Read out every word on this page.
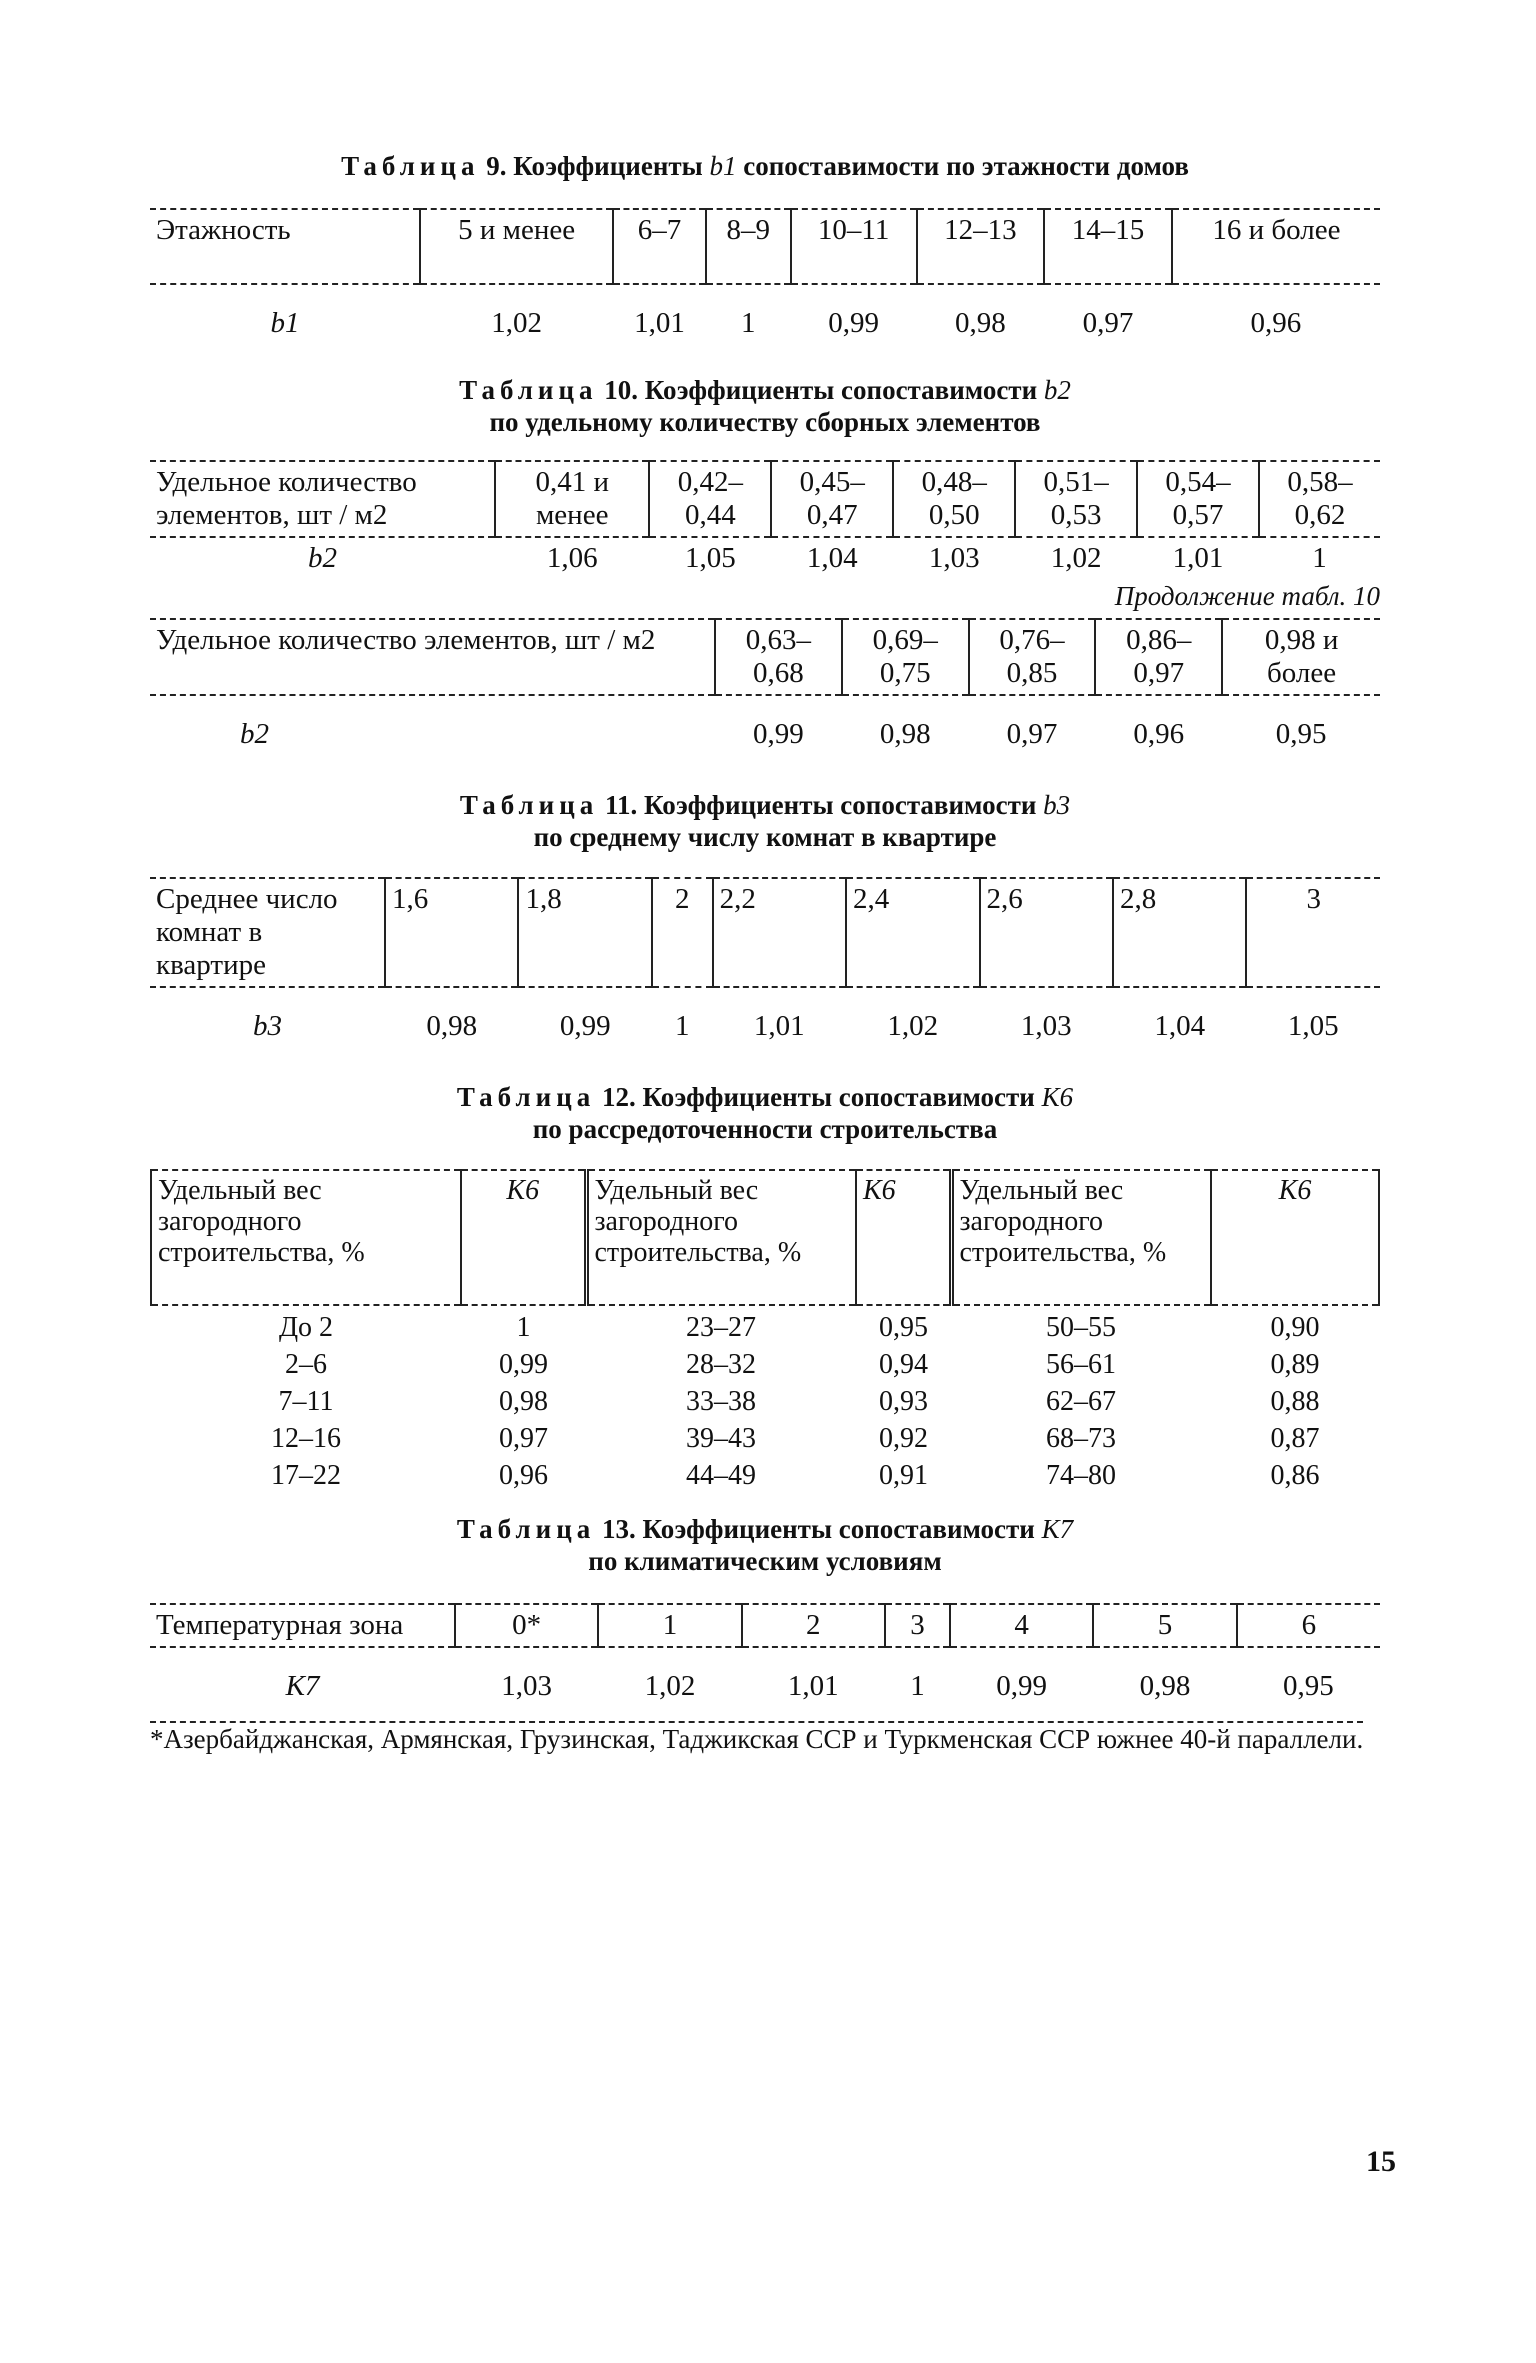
Таблица 9. Коэффициенты b1 сопоставимости по этажности домов

Этажность	5 и менее	6–7	8–9	10–11	12–13	14–15	16 и более
b1	1,02	1,01	1	0,99	0,98	0,97	0,96

Таблица 10. Коэффициенты сопоставимости b2
по удельному количеству сборных элементов

Удельное количество элементов, шт / м2	0,41 и менее	0,42–0,44	0,45–0,47	0,48–0,50	0,51–0,53	0,54–0,57	0,58–0,62
b2	1,06	1,05	1,04	1,03	1,02	1,01	1

Продолжение табл. 10

Удельное количество элементов, шт / м2	0,63–0,68	0,69–0,75	0,76–0,85	0,86–0,97	0,98 и более
b2	0,99	0,98	0,97	0,96	0,95

Таблица 11. Коэффициенты сопоставимости b3
по среднему числу комнат в квартире

Среднее число комнат в квартире	1,6	1,8	2	2,2	2,4	2,6	2,8	3
b3	0,98	0,99	1	1,01	1,02	1,03	1,04	1,05

Таблица 12. Коэффициенты сопоставимости K6
по рассредоточенности строительства

Удельный вес загородного строительства, %	K6	Удельный вес загородного строительства, %	K6	Удельный вес загородного строительства, %	K6
До 2	1	23–27	0,95	50–55	0,90
2–6	0,99	28–32	0,94	56–61	0,89
7–11	0,98	33–38	0,93	62–67	0,88
12–16	0,97	39–43	0,92	68–73	0,87
17–22	0,96	44–49	0,91	74–80	0,86

Таблица 13. Коэффициенты сопоставимости K7
по климатическим условиям

Температурная зона	0*	1	2	3	4	5	6
K7	1,03	1,02	1,01	1	0,99	0,98	0,95
*Азербайджанская, Армянская, Грузинская, Таджикская ССР и Туркменская ССР южнее 40-й параллели.
15
